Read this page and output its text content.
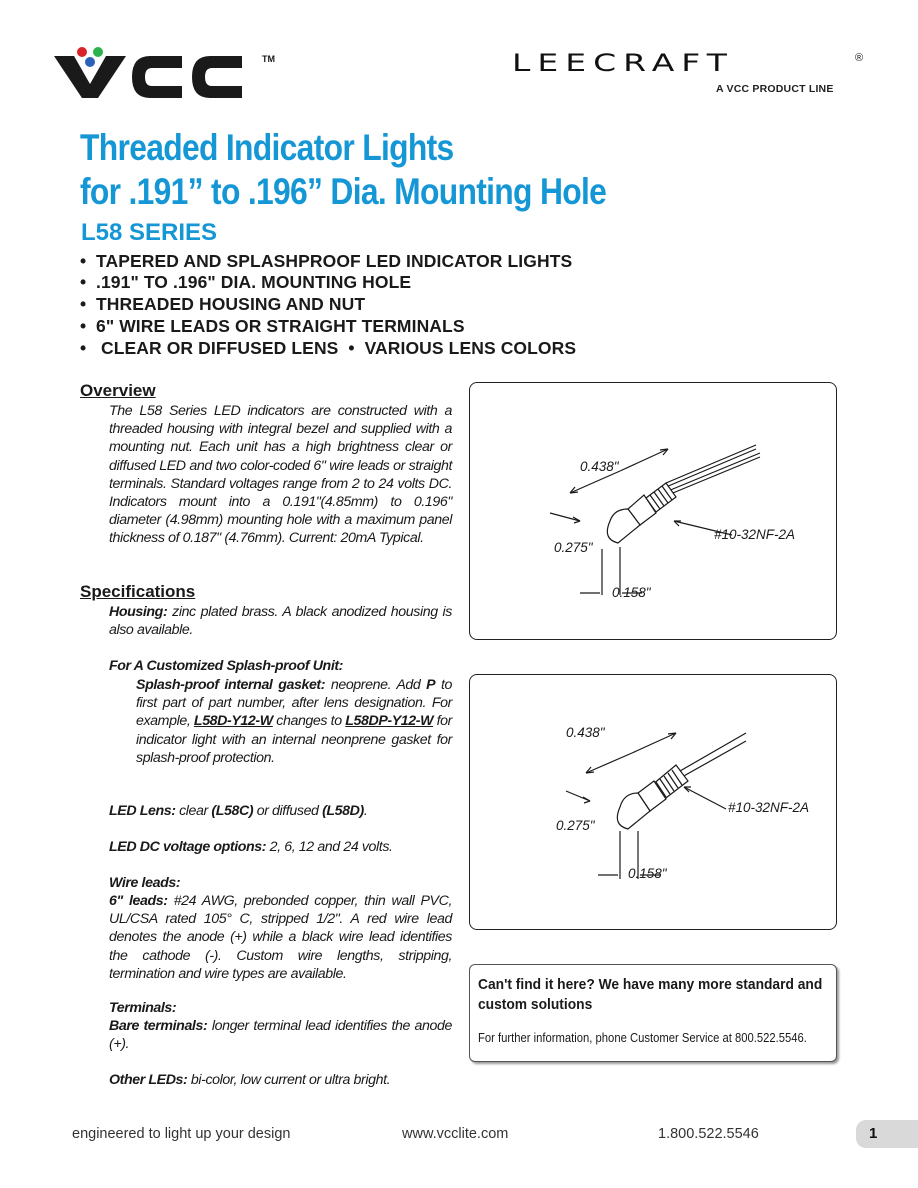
TM	LEECRAFT	®
A VCC PRODUCT LINE
Threaded Indicator Lights
for .191” to .196” Dia. Mounting Hole
L58 SERIES
• TAPERED AND SPLASHPROOF LED INDICATOR LIGHTS
• .191" TO .196" DIA. MOUNTING HOLE
• THREADED HOUSING AND NUT
• 6" WIRE LEADS OR STRAIGHT TERMINALS
• CLEAR OR DIFFUSED LENS • VARIOUS LENS COLORS
Overview
The L58 Series LED indicators are constructed with a threaded housing with integral bezel and supplied with a mounting nut. Each unit has a high brightness clear or diffused LED and two color-coded 6" wire leads or straight terminals. Standard voltages range from 2 to 24 volts DC. Indicators mount into a 0.191"(4.85mm) to 0.196" diameter (4.98mm) mounting hole with a maximum panel thickness of 0.187" (4.76mm). Current: 20mA Typical.
Specifications
Housing: zinc plated brass. A black anodized housing is also available.
For A Customized Splash-proof Unit:
Splash-proof internal gasket: neoprene. Add P to first part of part number, after lens designation. For example, L58D-Y12-W changes to L58DP-Y12-W for indicator light with an internal neonprene gasket for splash-proof protection.
LED Lens: clear (L58C) or diffused (L58D).
LED DC voltage options: 2, 6, 12 and 24 volts.
Wire leads:
6" leads: #24 AWG, prebonded copper, thin wall PVC, UL/CSA rated 105° C, stripped 1/2". A red wire lead denotes the anode (+) while a black wire lead identifies the cathode (-). Custom wire lengths, stripping, termination and wire types are available.
Terminals:
Bare terminals: longer terminal lead identifies the anode (+).
Other LEDs: bi-color, low current or ultra bright.
0.438"
0.275"
0.158"
#10-32NF-2A
0.438"
0.275"
0.158"
#10-32NF-2A
Can't find it here? We have many more standard and custom solutions
For further information, phone Customer Service at 800.522.5546.
engineered to light up your design	www.vcclite.com	1.800.522.5546	1
